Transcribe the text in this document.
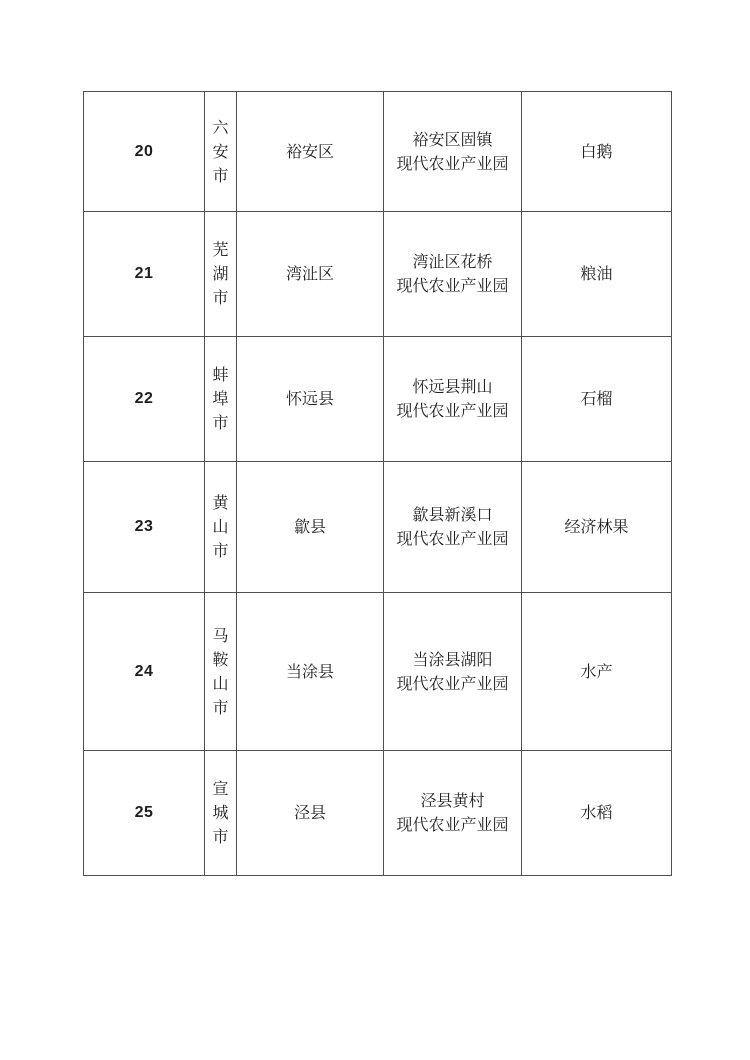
20	六安市	裕安区	裕安区固镇
现代农业产业园	白鹅
21	芜湖市	湾沚区	湾沚区花桥
现代农业产业园	粮油
22	蚌埠市	怀远县	怀远县荆山
现代农业产业园	石榴
23	黄山市	歙县	歙县新溪口
现代农业产业园	经济林果
24	马鞍山市	当涂县	当涂县湖阳
现代农业产业园	水产
25	宣城市	泾县	泾县黄村
现代农业产业园	水稻
